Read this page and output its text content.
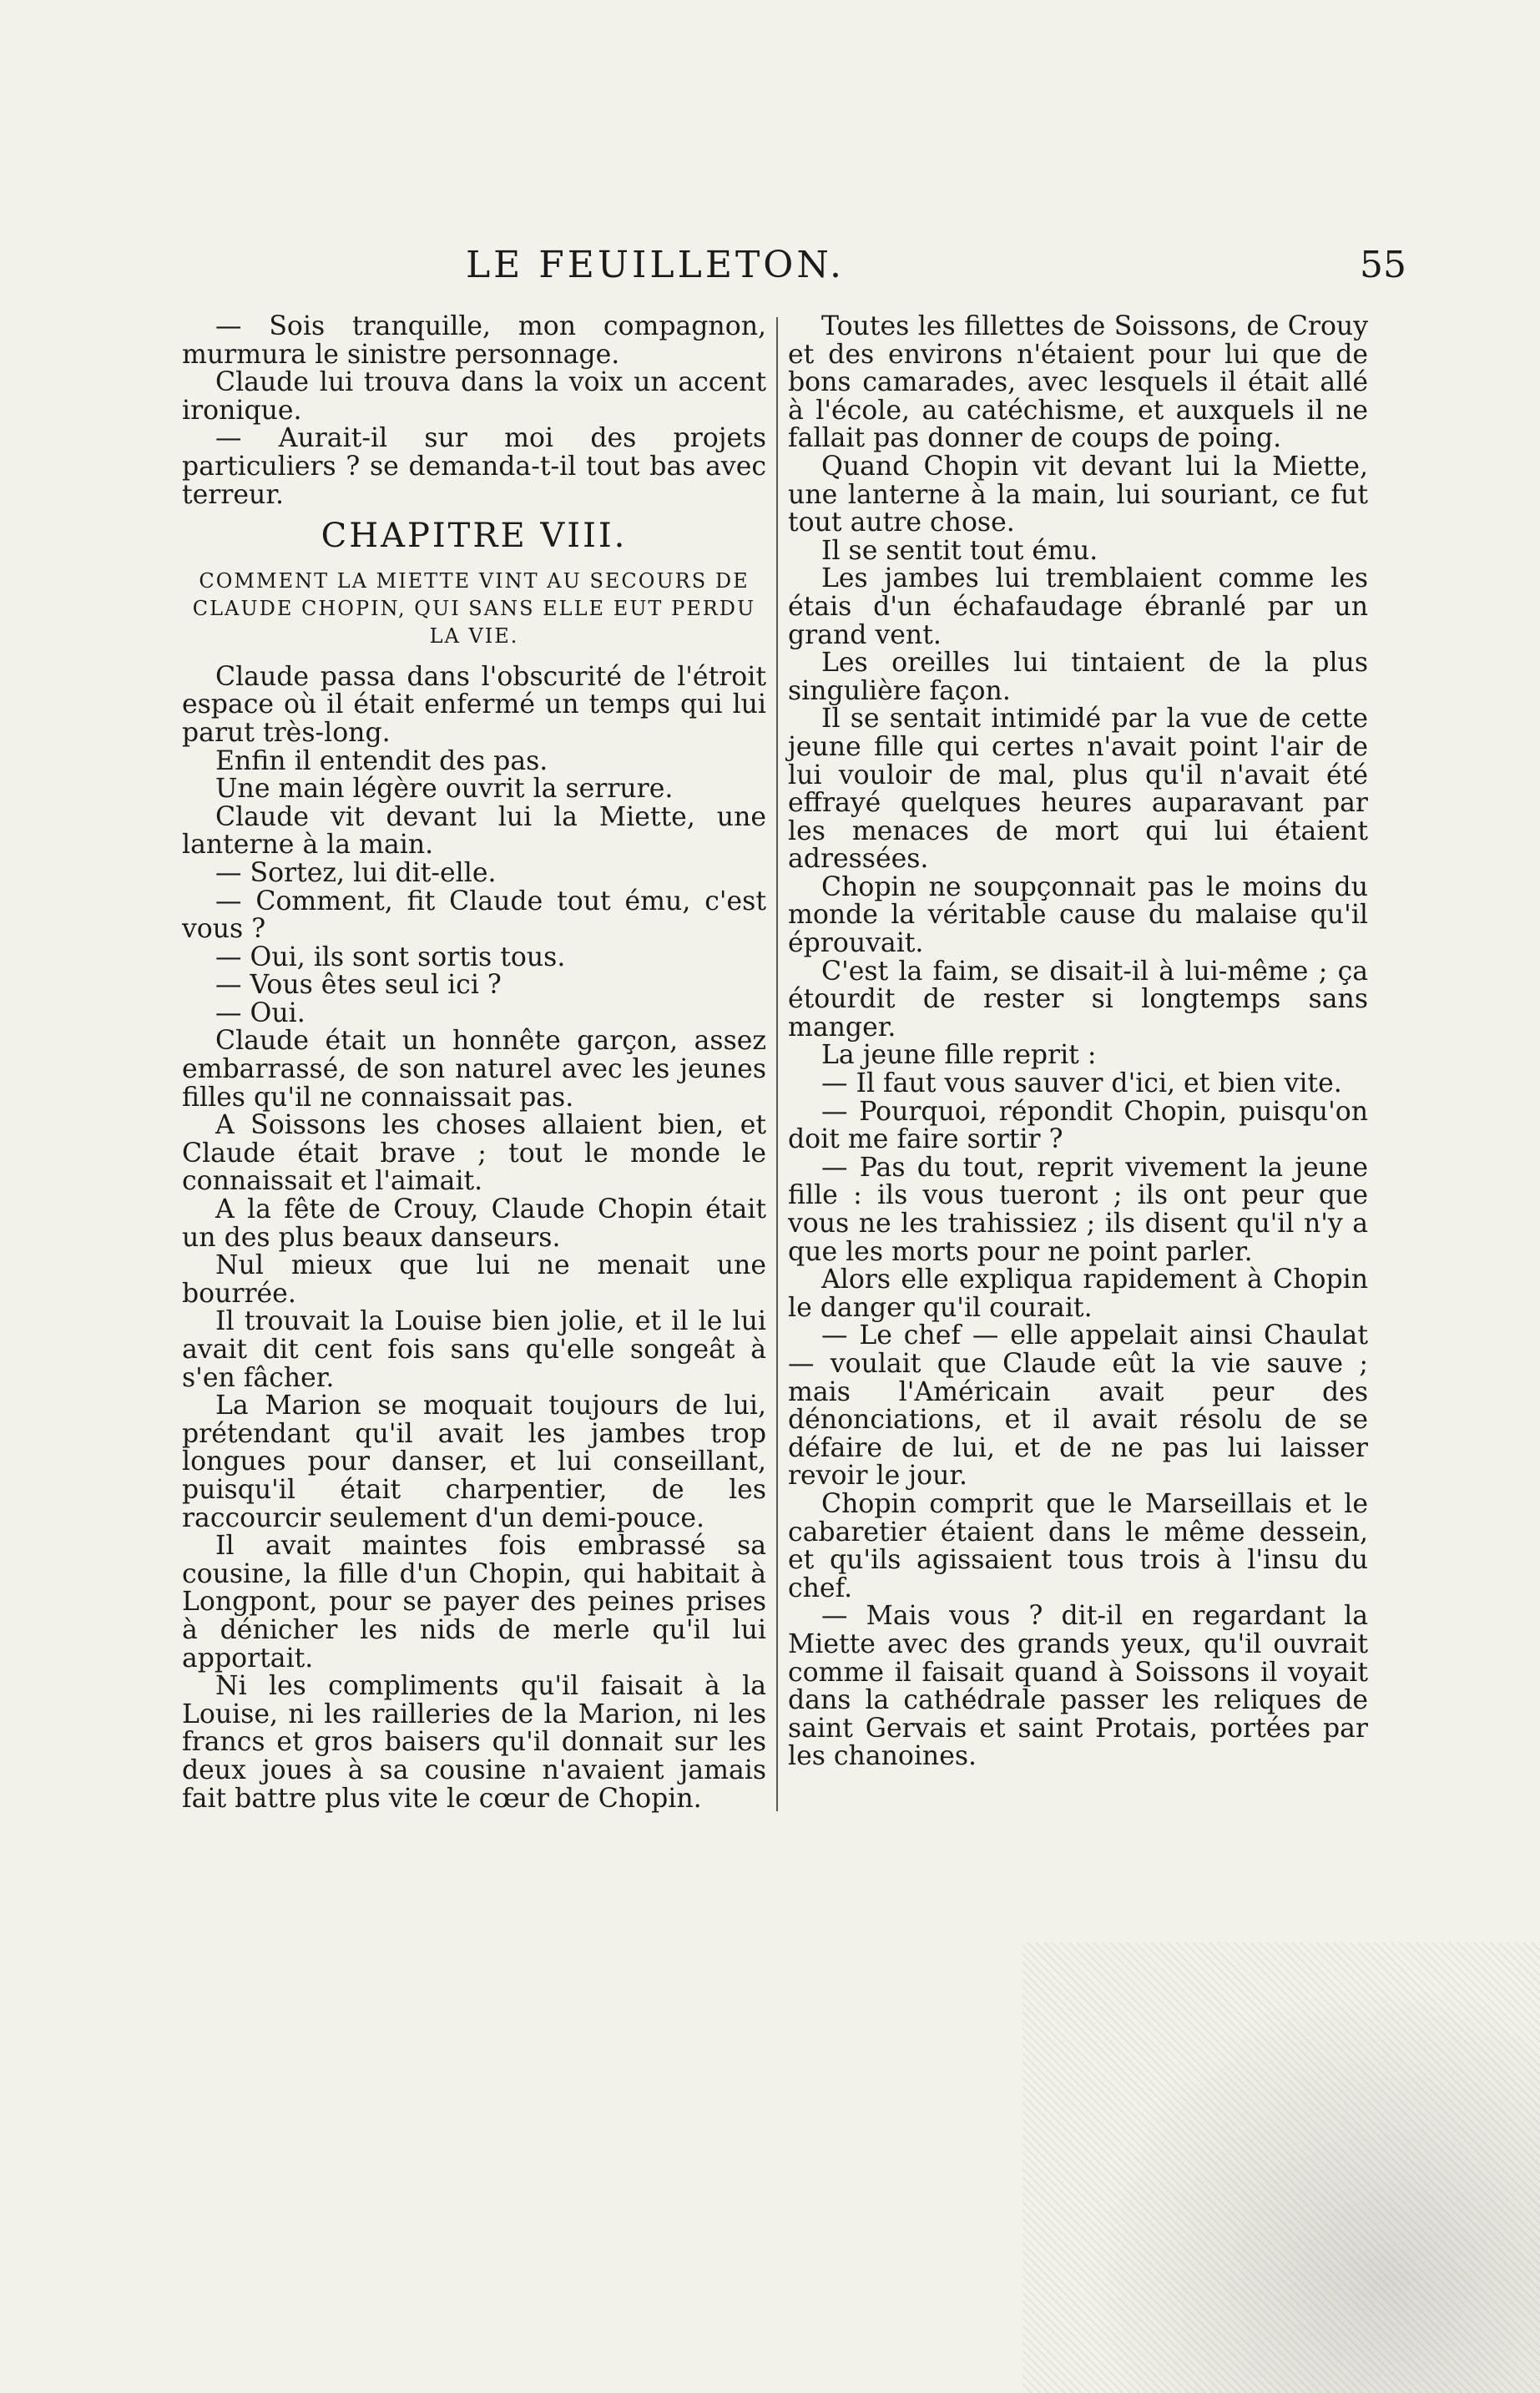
LE FEUILLETON.	55

— Sois tranquille, mon compagnon, murmura le sinistre personnage.

Claude lui trouva dans la voix un accent ironique.

— Aurait-il sur moi des projets particuliers ? se demanda-t-il tout bas avec terreur.

CHAPITRE VIII.
COMMENT LA MIETTE VINT AU SECOURS DE CLAUDE CHOPIN, QUI SANS ELLE EUT PERDU LA VIE.

Claude passa dans l'obscurité de l'étroit espace où il était enfermé un temps qui lui parut très-long.

Enfin il entendit des pas.

Une main légère ouvrit la serrure.

Claude vit devant lui la Miette, une lanterne à la main.

— Sortez, lui dit-elle.

— Comment, fit Claude tout ému, c'est vous ?

— Oui, ils sont sortis tous.

— Vous êtes seul ici ?

— Oui.

Claude était un honnête garçon, assez embarrassé, de son naturel avec les jeunes filles qu'il ne connaissait pas.

A Soissons les choses allaient bien, et Claude était brave ; tout le monde le connaissait et l'aimait.

A la fête de Crouy, Claude Chopin était un des plus beaux danseurs.

Nul mieux que lui ne menait une bourrée.

Il trouvait la Louise bien jolie, et il le lui avait dit cent fois sans qu'elle songeât à s'en fâcher.

La Marion se moquait toujours de lui, prétendant qu'il avait les jambes trop longues pour danser, et lui conseillant, puisqu'il était charpentier, de les raccourcir seulement d'un demi-pouce.

Il avait maintes fois embrassé sa cousine, la fille d'un Chopin, qui habitait à Longpont, pour se payer des peines prises à dénicher les nids de merle qu'il lui apportait.

Ni les compliments qu'il faisait à la Louise, ni les railleries de la Marion, ni les francs et gros baisers qu'il donnait sur les deux joues à sa cousine n'avaient jamais fait battre plus vite le cœur de Chopin.

Toutes les fillettes de Soissons, de Crouy et des environs n'étaient pour lui que de bons camarades, avec lesquels il était allé à l'école, au catéchisme, et auxquels il ne fallait pas donner de coups de poing.

Quand Chopin vit devant lui la Miette, une lanterne à la main, lui souriant, ce fut tout autre chose.

Il se sentit tout ému.

Les jambes lui tremblaient comme les étais d'un échafaudage ébranlé par un grand vent.

Les oreilles lui tintaient de la plus singulière façon.

Il se sentait intimidé par la vue de cette jeune fille qui certes n'avait point l'air de lui vouloir de mal, plus qu'il n'avait été effrayé quelques heures auparavant par les menaces de mort qui lui étaient adressées.

Chopin ne soupçonnait pas le moins du monde la véritable cause du malaise qu'il éprouvait.

C'est la faim, se disait-il à lui-même ; ça étourdit de rester si longtemps sans manger.

La jeune fille reprit :

— Il faut vous sauver d'ici, et bien vite.

— Pourquoi, répondit Chopin, puisqu'on doit me faire sortir ?

— Pas du tout, reprit vivement la jeune fille : ils vous tueront ; ils ont peur que vous ne les trahissiez ; ils disent qu'il n'y a que les morts pour ne point parler.

Alors elle expliqua rapidement à Chopin le danger qu'il courait.

— Le chef — elle appelait ainsi Chaulat — voulait que Claude eût la vie sauve ; mais l'Américain avait peur des dénonciations, et il avait résolu de se défaire de lui, et de ne pas lui laisser revoir le jour.

Chopin comprit que le Marseillais et le cabaretier étaient dans le même dessein, et qu'ils agissaient tous trois à l'insu du chef.

— Mais vous ? dit-il en regardant la Miette avec des grands yeux, qu'il ouvrait comme il faisait quand à Soissons il voyait dans la cathédrale passer les reliques de saint Gervais et saint Protais, portées par les chanoines.
